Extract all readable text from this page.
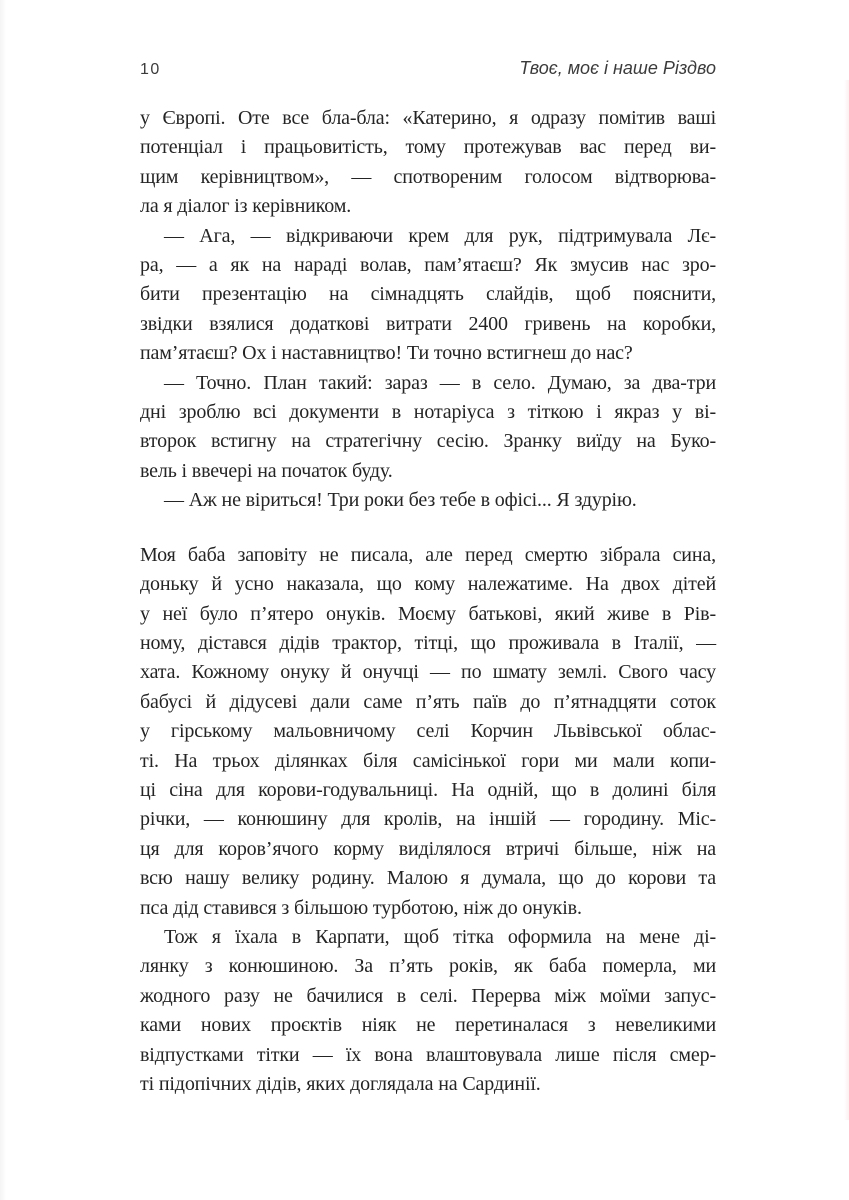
10	Твоє, моє і наше Різдво
у Європі. Оте все бла-бла: «Катерино, я одразу помітив ваші
потенціал і працьовитість, тому протежував вас перед ви-
щим керівництвом», — спотвореним голосом відтворюва-
ла я діалог із керівником.
— Ага, — відкриваючи крем для рук, підтримувала Лє-
ра, — а як на нараді волав, пам’ятаєш? Як змусив нас зро-
бити презентацію на сімнадцять слайдів, щоб пояснити,
звідки взялися додаткові витрати 2400 гривень на коробки,
пам’ятаєш? Ох і наставництво! Ти точно встигнеш до нас?
— Точно. План такий: зараз — в село. Думаю, за два-три
дні зроблю всі документи в нотаріуса з тіткою і якраз у ві-
второк встигну на стратегічну сесію. Зранку виїду на Буко-
вель і ввечері на початок буду.
— Аж не віриться! Три роки без тебе в офісі... Я здурію.
Моя баба заповіту не писала, але перед смертю зібрала сина,
доньку й усно наказала, що кому належатиме. На двох дітей
у неї було п’ятеро онуків. Моєму батькові, який живе в Рів-
ному, дістався дідів трактор, тітці, що проживала в Італії, —
хата. Кожному онуку й онучці — по шмату землі. Свого часу
бабусі й дідусеві дали саме п’ять паїв до п’ятнадцяти соток
у гірському мальовничому селі Корчин Львівської облас-
ті. На трьох ділянках біля самісінької гори ми мали копи-
ці сіна для корови-годувальниці. На одній, що в долині біля
річки, — конюшину для кролів, на іншій — городину. Міс-
ця для коров’ячого корму виділялося втричі більше, ніж на
всю нашу велику родину. Малою я думала, що до корови та
пса дід ставився з більшою турботою, ніж до онуків.
Тож я їхала в Карпати, щоб тітка оформила на мене ді-
лянку з конюшиною. За п’ять років, як баба померла, ми
жодного разу не бачилися в селі. Перерва між моїми запус-
ками нових проєктів ніяк не перетиналася з невеликими
відпустками тітки — їх вона влаштовувала лише після смер-
ті підопічних дідів, яких доглядала на Сардинії.
